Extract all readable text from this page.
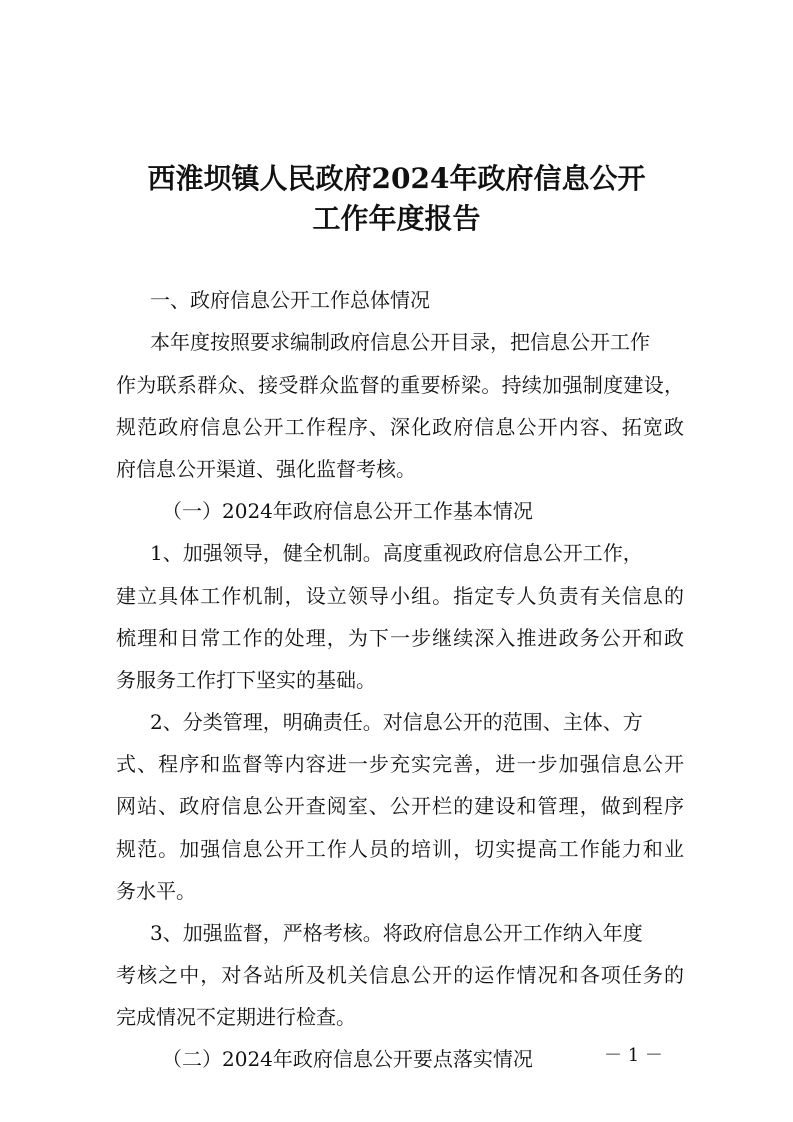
西淮坝镇人民政府2024年政府信息公开
工作年度报告
一、政府信息公开工作总体情况
本年度按照要求编制政府信息公开目录，把信息公开工作
作为联系群众、接受群众监督的重要桥梁。持续加强制度建设，
规范政府信息公开工作程序、深化政府信息公开内容、拓宽政
府信息公开渠道、强化监督考核。
（一）2024年政府信息公开工作基本情况
1、加强领导，健全机制。高度重视政府信息公开工作，
建立具体工作机制，设立领导小组。指定专人负责有关信息的
梳理和日常工作的处理，为下一步继续深入推进政务公开和政
务服务工作打下坚实的基础。
2、分类管理，明确责任。对信息公开的范围、主体、方
式、程序和监督等内容进一步充实完善，进一步加强信息公开
网站、政府信息公开查阅室、公开栏的建设和管理，做到程序
规范。加强信息公开工作人员的培训，切实提高工作能力和业
务水平。
3、加强监督，严格考核。将政府信息公开工作纳入年度
考核之中，对各站所及机关信息公开的运作情况和各项任务的
完成情况不定期进行检查。
（二）2024年政府信息公开要点落实情况	－ 1 －
